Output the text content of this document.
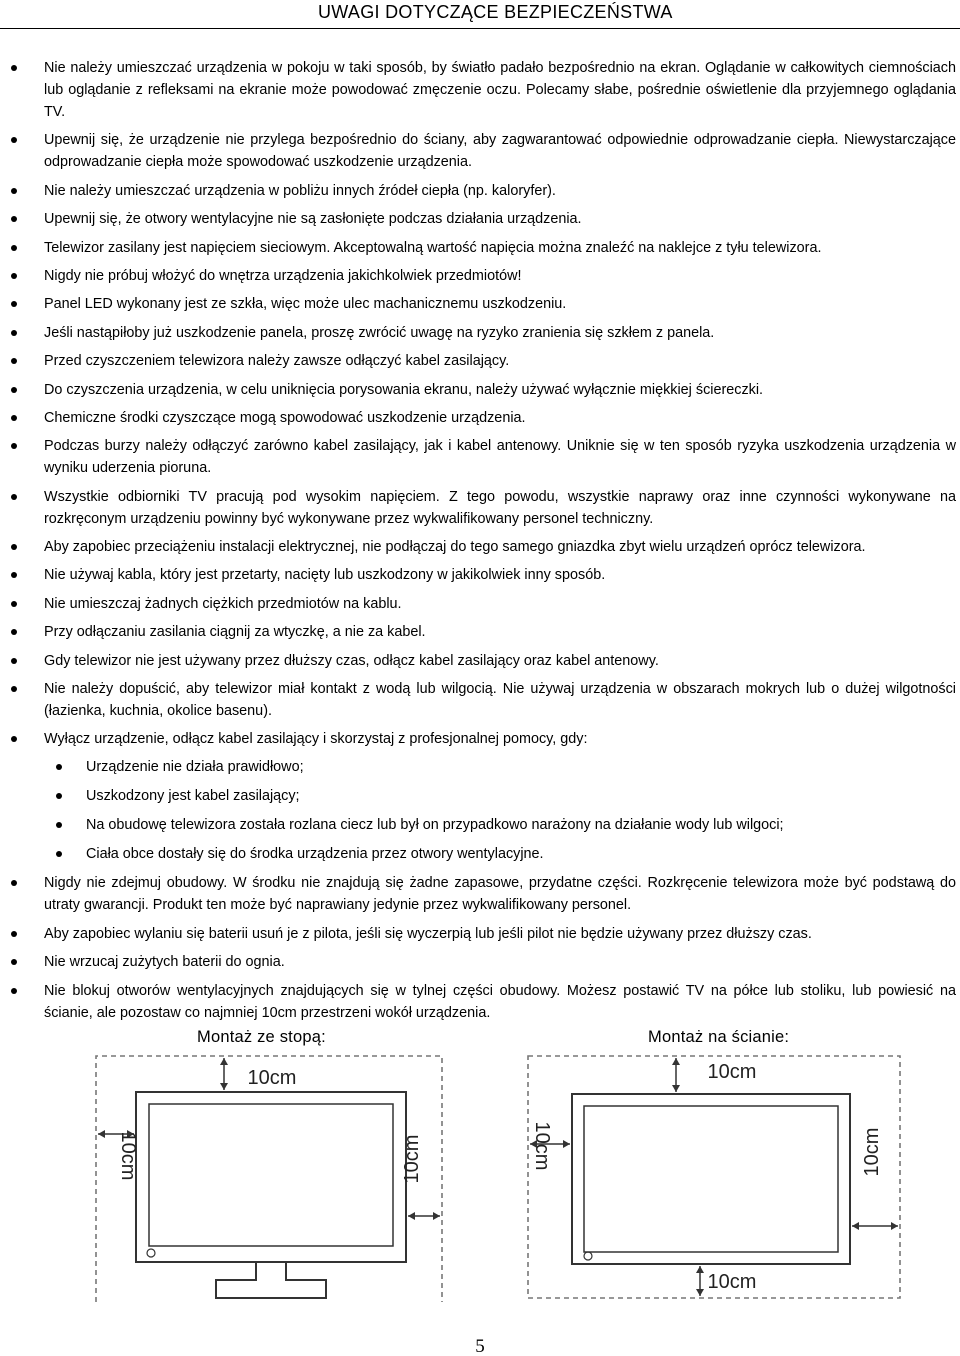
UWAGI DOTYCZĄCE BEZPIECZEŃSTWA
Nie należy umieszczać urządzenia w pokoju w taki sposób, by światło padało bezpośrednio na ekran. Oglądanie w całkowitych ciemnościach lub oglądanie z refleksami na ekranie może powodować zmęczenie oczu. Polecamy słabe, pośrednie oświetlenie dla przyjemnego oglądania TV.
Upewnij się, że urządzenie nie przylega bezpośrednio do ściany, aby zagwarantować odpowiednie odprowadzanie ciepła. Niewystarczające odprowadzanie ciepła może spowodować uszkodzenie urządzenia.
Nie należy umieszczać urządzenia w pobliżu innych źródeł ciepła (np. kaloryfer).
Upewnij się, że otwory wentylacyjne nie są zasłonięte podczas działania urządzenia.
Telewizor zasilany jest napięciem sieciowym. Akceptowalną wartość napięcia można znaleźć na naklejce z tyłu telewizora.
Nigdy nie próbuj włożyć do wnętrza urządzenia jakichkolwiek przedmiotów!
Panel LED wykonany jest ze szkła, więc może ulec machanicznemu uszkodzeniu.
Jeśli nastąpiłoby już uszkodzenie panela, proszę zwrócić uwagę na ryzyko zranienia się szkłem z panela.
Przed czyszczeniem telewizora należy zawsze odłączyć kabel zasilający.
Do czyszczenia urządzenia, w celu uniknięcia porysowania ekranu, należy używać wyłącznie miękkiej ściereczki.
Chemiczne środki czyszczące mogą spowodować uszkodzenie urządzenia.
Podczas burzy należy odłączyć zarówno kabel zasilający, jak i kabel antenowy. Uniknie się w ten sposób ryzyka uszkodzenia urządzenia w wyniku uderzenia pioruna.
Wszystkie odbiorniki TV pracują pod wysokim napięciem. Z tego powodu, wszystkie naprawy oraz inne czynności wykonywane na rozkręconym urządzeniu powinny być wykonywane przez wykwalifikowany personel techniczny.
Aby zapobiec przeciążeniu instalacji elektrycznej, nie podłączaj do tego samego gniazdka zbyt wielu urządzeń oprócz telewizora.
Nie używaj kabla, który jest przetarty, nacięty lub uszkodzony w jakikolwiek inny sposób.
Nie umieszczaj żadnych ciężkich przedmiotów na kablu.
Przy odłączaniu zasilania ciągnij za wtyczkę, a nie za kabel.
Gdy telewizor nie jest używany przez dłuższy czas, odłącz kabel zasilający oraz kabel antenowy.
Nie należy dopuścić, aby telewizor miał kontakt z wodą lub wilgocią. Nie używaj urządzenia w obszarach mokrych lub o dużej wilgotności (łazienka, kuchnia, okolice basenu).
Wyłącz urządzenie, odłącz kabel zasilający i skorzystaj z profesjonalnej pomocy, gdy:
Urządzenie nie działa prawidłowo;
Uszkodzony jest kabel zasilający;
Na obudowę telewizora została rozlana ciecz lub był on przypadkowo narażony na działanie wody lub wilgoci;
Ciała obce dostały się do środka urządzenia przez otwory wentylacyjne.
Nigdy nie zdejmuj obudowy. W środku nie znajdują się żadne zapasowe, przydatne części. Rozkręcenie telewizora może być podstawą do utraty gwarancji. Produkt ten może być naprawiany jedynie przez wykwalifikowany personel.
Aby zapobiec wylaniu się baterii usuń je z pilota, jeśli się wyczerpią lub jeśli pilot nie będzie używany przez dłuższy czas.
Nie wrzucaj zużytych baterii do ognia.
Nie blokuj otworów wentylacyjnych znajdujących się w tylnej części obudowy. Możesz postawić TV na półce lub stoliku, lub powiesić na ścianie, ale pozostaw co najmniej 10cm przestrzeni wokół urządzenia.
Montaż ze stopą:	Montaż na ścianie:
10cm
10cm	10cm
10cm
10cm	10cm
10cm
5
